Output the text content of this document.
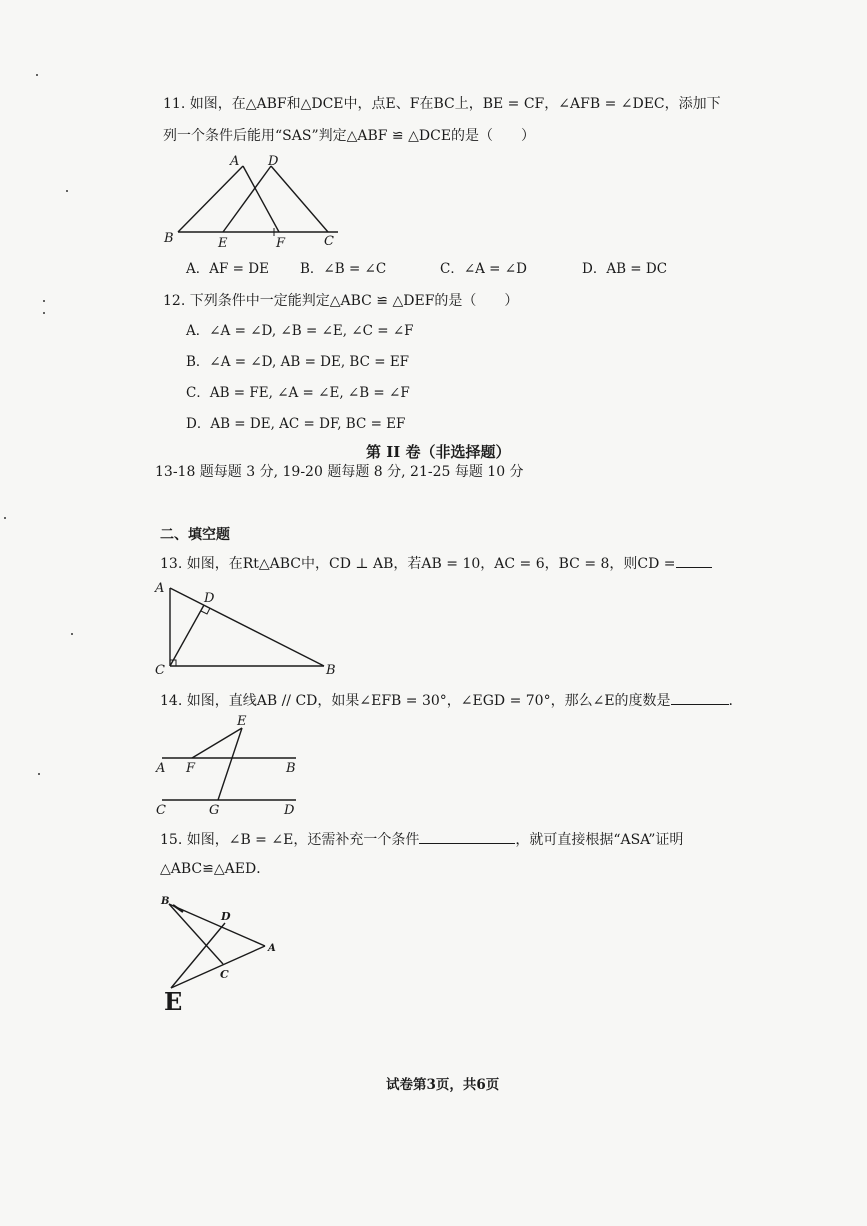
11. 如图，在△ABF和△DCE中，点E、F在BC上，BE = CF，∠AFB = ∠DEC，添加下
列一个条件后能用“SAS”判定△ABF ≌ △DCE的是（　　）
A D
B	E	F	C
A．AF = DE B．∠B = ∠C	C．∠A = ∠D	D．AB = DC
12. 下列条件中一定能判定△ABC ≌ △DEF的是（　　）
A．∠A = ∠D, ∠B = ∠E, ∠C = ∠F
B．∠A = ∠D, AB = DE, BC = EF
C．AB = FE, ∠A = ∠E, ∠B = ∠F
D．AB = DE, AC = DF, BC = EF
第 II 卷（非选择题）
13-18 题每题 3 分, 19-20 题每题 8 分, 21-25 每题 10 分
二、填空题
13. 如图，在Rt△ABC中，CD ⊥ AB，若AB = 10，AC = 6，BC = 8，则CD =
A
D
C	B
14. 如图，直线AB // CD，如果∠EFB = 30°，∠EGD = 70°，那么∠E的度数是	.
E
A F	B
C	G	D
15. 如图，∠B = ∠E，还需补充一个条件	，就可直接根据“ASA”证明
△ABC≌△AED．
B
D
A
C
E
试卷第3页，共6页
